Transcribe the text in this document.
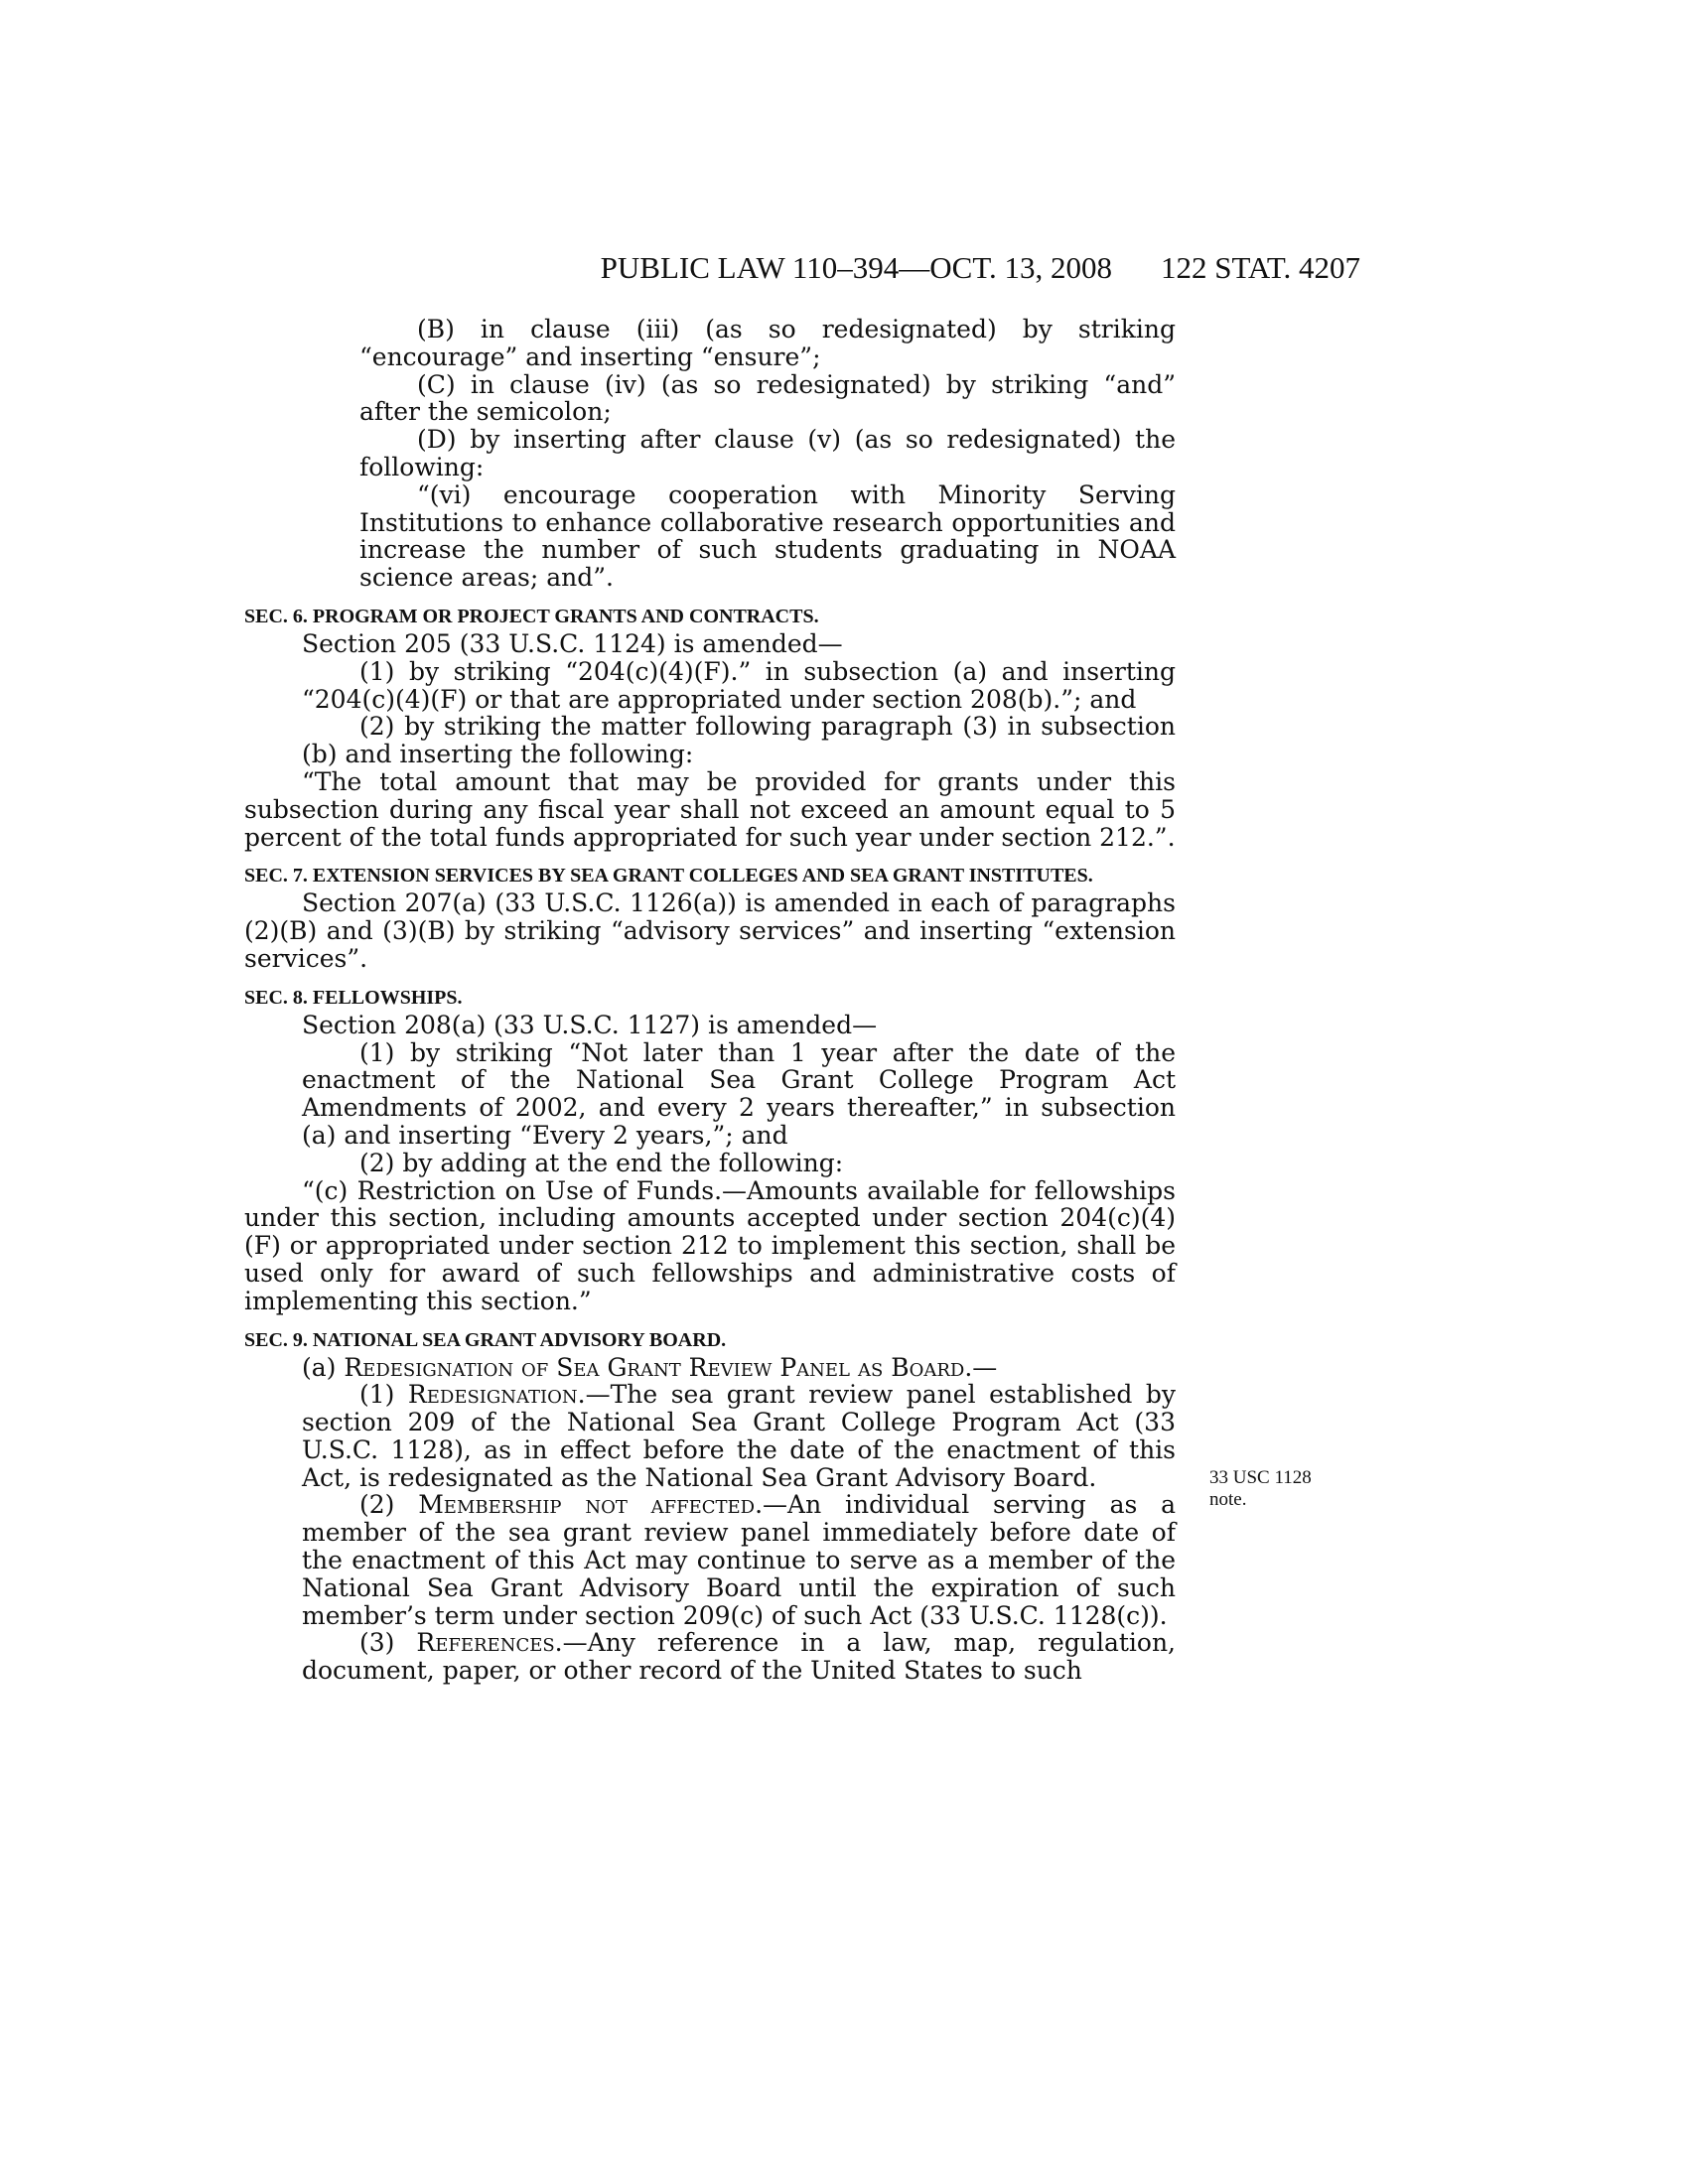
PUBLIC LAW 110–394—OCT. 13, 2008 122 STAT. 4207
33 USC 1128 note.

(B) in clause (iii) (as so redesignated) by striking “encourage” and inserting “ensure”;

(C) in clause (iv) (as so redesignated) by striking “and” after the semicolon;

(D) by inserting after clause (v) (as so redesignated) the following:

“(vi) encourage cooperation with Minority Serving Institutions to enhance collaborative research opportunities and increase the number of such students graduating in NOAA science areas; and”.

SEC. 6. PROGRAM OR PROJECT GRANTS AND CONTRACTS.

Section 205 (33 U.S.C. 1124) is amended—

(1) by striking “204(c)(4)(F).” in subsection (a) and inserting “204(c)(4)(F) or that are appropriated under section 208(b).”; and

(2) by striking the matter following paragraph (3) in subsection (b) and inserting the following:

“The total amount that may be provided for grants under this subsection during any fiscal year shall not exceed an amount equal to 5 percent of the total funds appropriated for such year under section 212.”.

SEC. 7. EXTENSION SERVICES BY SEA GRANT COLLEGES AND SEA GRANT INSTITUTES.

Section 207(a) (33 U.S.C. 1126(a)) is amended in each of paragraphs (2)(B) and (3)(B) by striking “advisory services” and inserting “extension services”.

SEC. 8. FELLOWSHIPS.

Section 208(a) (33 U.S.C. 1127) is amended—

(1) by striking “Not later than 1 year after the date of the enactment of the National Sea Grant College Program Act Amendments of 2002, and every 2 years thereafter,” in subsection (a) and inserting “Every 2 years,”; and

(2) by adding at the end the following:

“(c) Restriction on Use of Funds.—Amounts available for fellowships under this section, including amounts accepted under section 204(c)(4)(F) or appropriated under section 212 to implement this section, shall be used only for award of such fellowships and administrative costs of implementing this section.”

SEC. 9. NATIONAL SEA GRANT ADVISORY BOARD.

(a) Redesignation of Sea Grant Review Panel as Board.—

(1) Redesignation.—The sea grant review panel established by section 209 of the National Sea Grant College Program Act (33 U.S.C. 1128), as in effect before the date of the enactment of this Act, is redesignated as the National Sea Grant Advisory Board.

(2) Membership not affected.—An individual serving as a member of the sea grant review panel immediately before date of the enactment of this Act may continue to serve as a member of the National Sea Grant Advisory Board until the expiration of such member’s term under section 209(c) of such Act (33 U.S.C. 1128(c)).

(3) References.—Any reference in a law, map, regulation, document, paper, or other record of the United States to such
